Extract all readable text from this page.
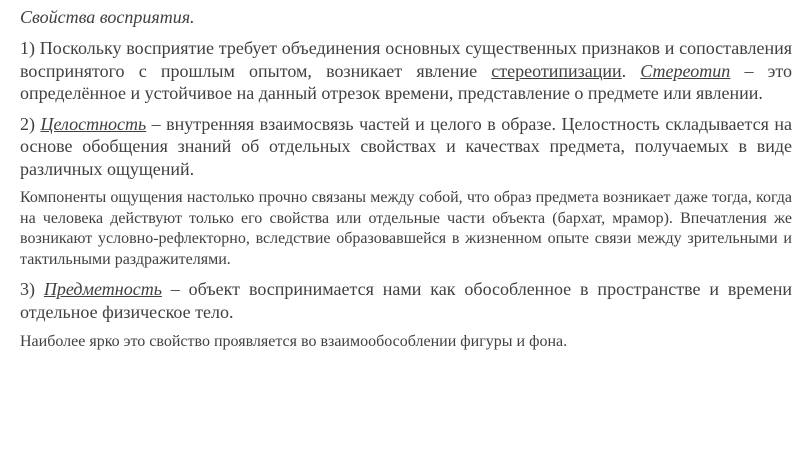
Свойства восприятия.

1) Поскольку восприятие требует объединения основных существенных признаков и сопоставления воспринятого с прошлым опытом, возникает явление стереотипизации. Стереотип – это определённое и устойчивое на данный отрезок времени, представление о предмете или явлении.

2) Целостность – внутренняя взаимосвязь частей и целого в образе. Целостность складывается на основе обобщения знаний об отдельных свойствах и качествах предмета, получаемых в виде различных ощущений.

Компоненты ощущения настолько прочно связаны между собой, что образ предмета возникает даже тогда, когда на человека действуют только его свойства или отдельные части объекта (бархат, мрамор). Впечатления же возникают условно-рефлекторно, вследствие образовавшейся в жизненном опыте связи между зрительными и тактильными раздражителями.

3) Предметность – объект воспринимается нами как обособленное в пространстве и времени отдельное физическое тело.

Наиболее ярко это свойство проявляется во взаимообособлении фигуры и фона.
